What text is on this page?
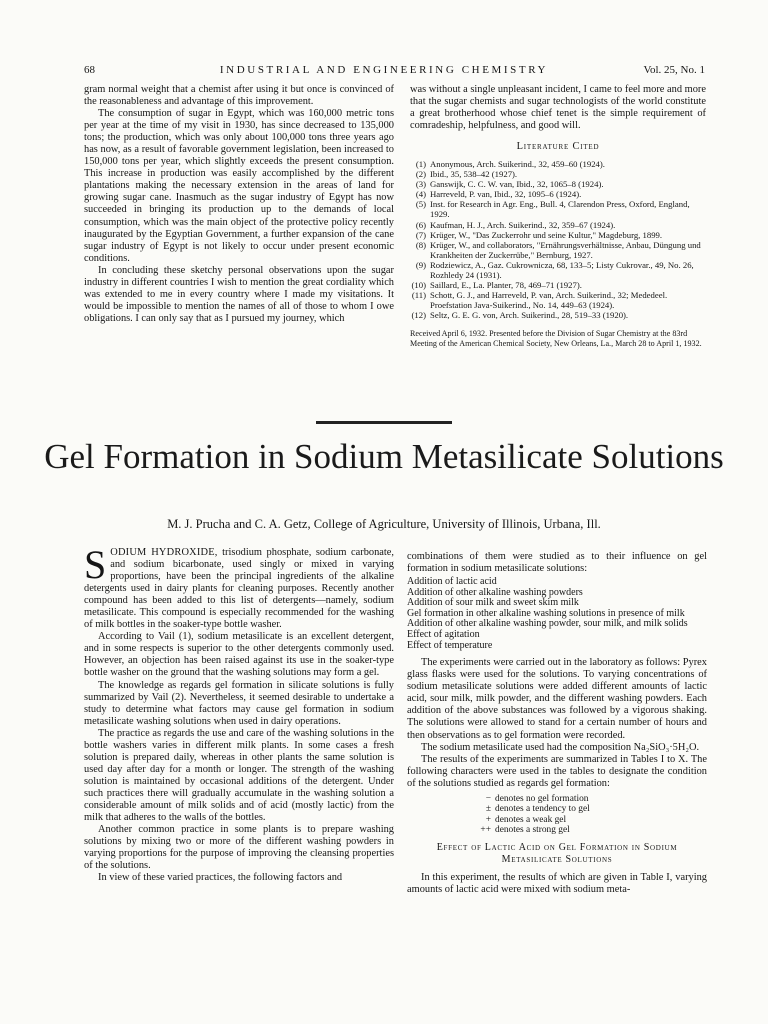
68	INDUSTRIAL AND ENGINEERING CHEMISTRY	Vol. 25, No. 1

gram normal weight that a chemist after using it but once is convinced of the reasonableness and advantage of this improvement.

The consumption of sugar in Egypt, which was 160,000 metric tons per year at the time of my visit in 1930, has since decreased to 135,000 tons; the production, which was only about 100,000 tons three years ago has now, as a result of favorable government legislation, been increased to 150,000 tons per year, which slightly exceeds the present consumption. This increase in production was easily accomplished by the different plantations making the necessary extension in the areas of land for growing sugar cane. Inasmuch as the sugar industry of Egypt has now succeeded in bringing its production up to the demands of local consumption, which was the main object of the protective policy recently inaugurated by the Egyptian Government, a further expansion of the cane sugar industry of Egypt is not likely to occur under present economic conditions.

In concluding these sketchy personal observations upon the sugar industry in different countries I wish to mention the great cordiality which was extended to me in every country where I made my visitations. It would be impossible to mention the names of all of those to whom I owe obligations. I can only say that as I pursued my journey, which

was without a single unpleasant incident, I came to feel more and more that the sugar chemists and sugar technologists of the world constitute a great brotherhood whose chief tenet is the simple requirement of comradeship, helpfulness, and good will.

Literature Cited
(1) Anonymous, Arch. Suikerind., 32, 459–60 (1924).
(2) Ibid., 35, 538–42 (1927).
(3) Ganswijk, C. C. W. van, Ibid., 32, 1065–8 (1924).
(4) Harreveld, P. van, Ibid., 32, 1095–6 (1924).
(5) Inst. for Research in Agr. Eng., Bull. 4, Clarendon Press, Oxford, England, 1929.
(6) Kaufman, H. J., Arch. Suikerind., 32, 359–67 (1924).
(7) Krüger, W., "Das Zuckerrohr und seine Kultur," Magdeburg, 1899.
(8) Krüger, W., and collaborators, "Ernährungsverhältnisse, Anbau, Düngung und Krankheiten der Zuckerrübe," Bernburg, 1927.
(9) Rodziewicz, A., Gaz. Cukrownicza, 68, 133–5; Listy Cukrovar., 49, No. 26, Rozhledy 24 (1931).
(10) Saillard, E., La. Planter, 78, 469–71 (1927).
(11) Schott, G. J., and Harreveld, P. van, Arch. Suikerind., 32; Mededeel. Proefstation Java-Suikerind., No. 14, 449–63 (1924).
(12) Seltz, G. E. G. von, Arch. Suikerind., 28, 519–33 (1920).
Received April 6, 1932. Presented before the Division of Sugar Chemistry at the 83rd Meeting of the American Chemical Society, New Orleans, La., March 28 to April 1, 1932.
Gel Formation in Sodium Metasilicate Solutions
M. J. Prucha and C. A. Getz, College of Agriculture, University of Illinois, Urbana, Ill.

SODIUM HYDROXIDE, trisodium phosphate, sodium carbonate, and sodium bicarbonate, used singly or mixed in varying proportions, have been the principal ingredients of the alkaline detergents used in dairy plants for cleaning purposes. Recently another compound has been added to this list of detergents—namely, sodium metasilicate. This compound is especially recommended for the washing of milk bottles in the soaker-type bottle washer.

According to Vail (1), sodium metasilicate is an excellent detergent, and in some respects is superior to the other detergents commonly used. However, an objection has been raised against its use in the soaker-type bottle washer on the ground that the washing solutions may form a gel.

The knowledge as regards gel formation in silicate solutions is fully summarized by Vail (2). Nevertheless, it seemed desirable to undertake a study to determine what factors may cause gel formation in sodium metasilicate washing solutions when used in dairy operations.

The practice as regards the use and care of the washing solutions in the bottle washers varies in different milk plants. In some cases a fresh solution is prepared daily, whereas in other plants the same solution is used day after day for a month or longer. The strength of the washing solution is maintained by occasional additions of the detergent. Under such practices there will gradually accumulate in the washing solution a considerable amount of milk solids and of acid (mostly lactic) from the milk that adheres to the walls of the bottles.

Another common practice in some plants is to prepare washing solutions by mixing two or more of the different washing powders in varying proportions for the purpose of improving the cleansing properties of the solutions.

In view of these varied practices, the following factors and

combinations of them were studied as to their influence on gel formation in sodium metasilicate solutions:

Addition of lactic acid
Addition of other alkaline washing powders
Addition of sour milk and sweet skim milk
Gel formation in other alkaline washing solutions in presence of milk
Addition of other alkaline washing powder, sour milk, and milk solids
Effect of agitation
Effect of temperature

The experiments were carried out in the laboratory as follows: Pyrex glass flasks were used for the solutions. To varying concentrations of sodium metasilicate solutions were added different amounts of lactic acid, sour milk, milk powder, and the different washing powders. Each addition of the above substances was followed by a vigorous shaking. The solutions were allowed to stand for a certain number of hours and then observations as to gel formation were recorded.

The sodium metasilicate used had the composition Na₂SiO₃·5H₂O.

The results of the experiments are summarized in Tables I to X. The following characters were used in the tables to designate the condition of the solutions studied as regards gel formation:

− denotes no gel formation
± denotes a tendency to gel
+ denotes a weak gel
++ denotes a strong gel
Effect of Lactic Acid on Gel Formation in Sodium Metasilicate Solutions

In this experiment, the results of which are given in Table I, varying amounts of lactic acid were mixed with sodium meta-
